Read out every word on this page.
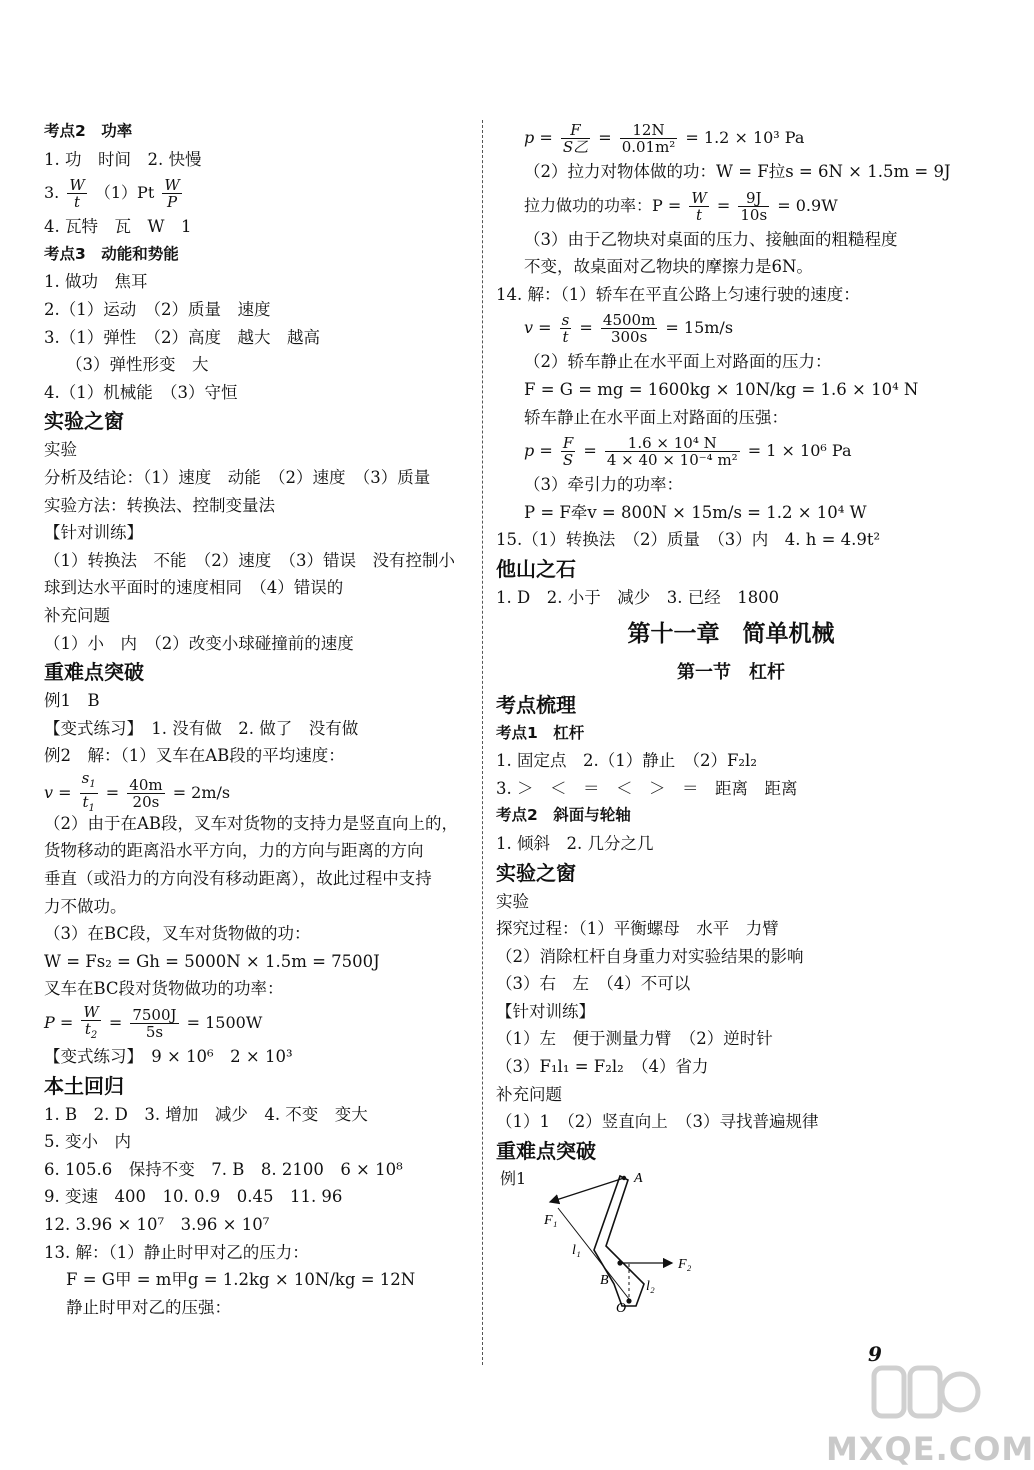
考点2　功率
1. 功　时间　2. 快慢
3. $\frac{W}{t} (1)Pt \frac{W}{P}$
4. 瓦特　瓦　W　1
考点3　动能和势能
1. 做功　焦耳
2.（1）运动　（2）质量　速度
3.（1）弹性　（2）高度　越大　越高
（3）弹性形变　大
4.（1）机械能　（3）守恒
实验之窗
实验
分析及结论：（1）速度　动能　（2）速度　（3）质量
实验方法：转换法、控制变量法
【针对训练】
（1）转换法　不能　（2）速度　（3）错误　没有控制小
球到达水平面时的速度相同　（4）错误的
补充问题
（1）小　内　（2）改变小球碰撞前的速度
重难点突破
例1　B
【变式练习】　1. 没有做　2. 做了　没有做
例2　解：（1）叉车在AB段的平均速度：
$v = \frac{s_1}{t_1} = \frac{40m}{20s} = 2m/s$
（2）由于在AB段，叉车对货物的支持力是竖直向上的，
货物移动的距离沿水平方向，力的方向与距离的方向
垂直（或沿力的方向没有移动距离），故此过程中支持
力不做功。
（3）在BC段，叉车对货物做的功：
W = Fs₂ = Gh = 5000N × 1.5m = 7500J
叉车在BC段对货物做功的功率：
$P = \frac{W}{t_2} = \frac{7500J}{5s} = 1500W$
【变式练习】　9 × 10⁶　2 × 10³
本土回归
1. B　2. D　3. 增加　减少　4. 不变　变大
5. 变小　内
6. 105.6　保持不变　7. B　8. 2100　6 × 10⁸
9. 变速　400　10. 0.9　0.45　11. 96
12. 3.96 × 10⁷　3.96 × 10⁷
13. 解：（1）静止时甲对乙的压力：
F = G甲 = m甲g = 1.2kg × 10N/kg = 12N
静止时甲对乙的压强：
$p = \frac{F}{\text{S乙}} = \frac{12N}{\text{0.01m²}} = 1.2 \times 10^3$ Pa
（2）拉力对物体做的功：W = F拉s = 6N × 1.5m = 9J
拉力做功的功率：$P = \frac{W}{t} = \frac{9J}{10s} = 0.9W$
（3）由于乙物块对桌面的压力、接触面的粗糙程度
不变，故桌面对乙物块的摩擦力是6N。
14. 解：（1）轿车在平直公路上匀速行驶的速度：
$v = \frac{s}{t} = \frac{4500m}{300s} = 15m/s$
（2）轿车静止在水平面上对路面的压力：
F = G = mg = 1600kg × 10N/kg = 1.6 × 10⁴ N
轿车静止在水平面上对路面的压强：
$p = \frac{F}{S} = \frac{\text{1.6 × 10⁴ N}}{\text{4 × 40 × 10⁻⁴ m²}} = 1 \times 10^6$ Pa
（3）牵引力的功率：
P = F牵v = 800N × 15m/s = 1.2 × 10⁴ W
15.（1）转换法　（2）质量　（3）内　4. h = 4.9t²
他山之石
1. D　2. 小于　减少　3. 已经　1800
第十一章　简单机械
第一节　杠杆
考点梳理
考点1　杠杆
1. 固定点　2.（1）静止　（2）F₂l₂
3. ＞　＜　＝　＜　＞　＝　距离　距离
考点2　斜面与轮轴
1. 倾斜　2. 几分之几
实验之窗
实验
探究过程：（1）平衡螺母　水平　力臂
（2）消除杠杆自身重力对实验结果的影响
（3）右　左　（4）不可以
【针对训练】
（1）左　便于测量力臂　（2）逆时针
（3）F₁l₁ = F₂l₂　（4）省力
补充问题
（1）1　（2）竖直向上　（3）寻找普遍规律
重难点突破
例1	A
F₁
l₁
F₂
B	l₂
O
9
MXQE.COM
